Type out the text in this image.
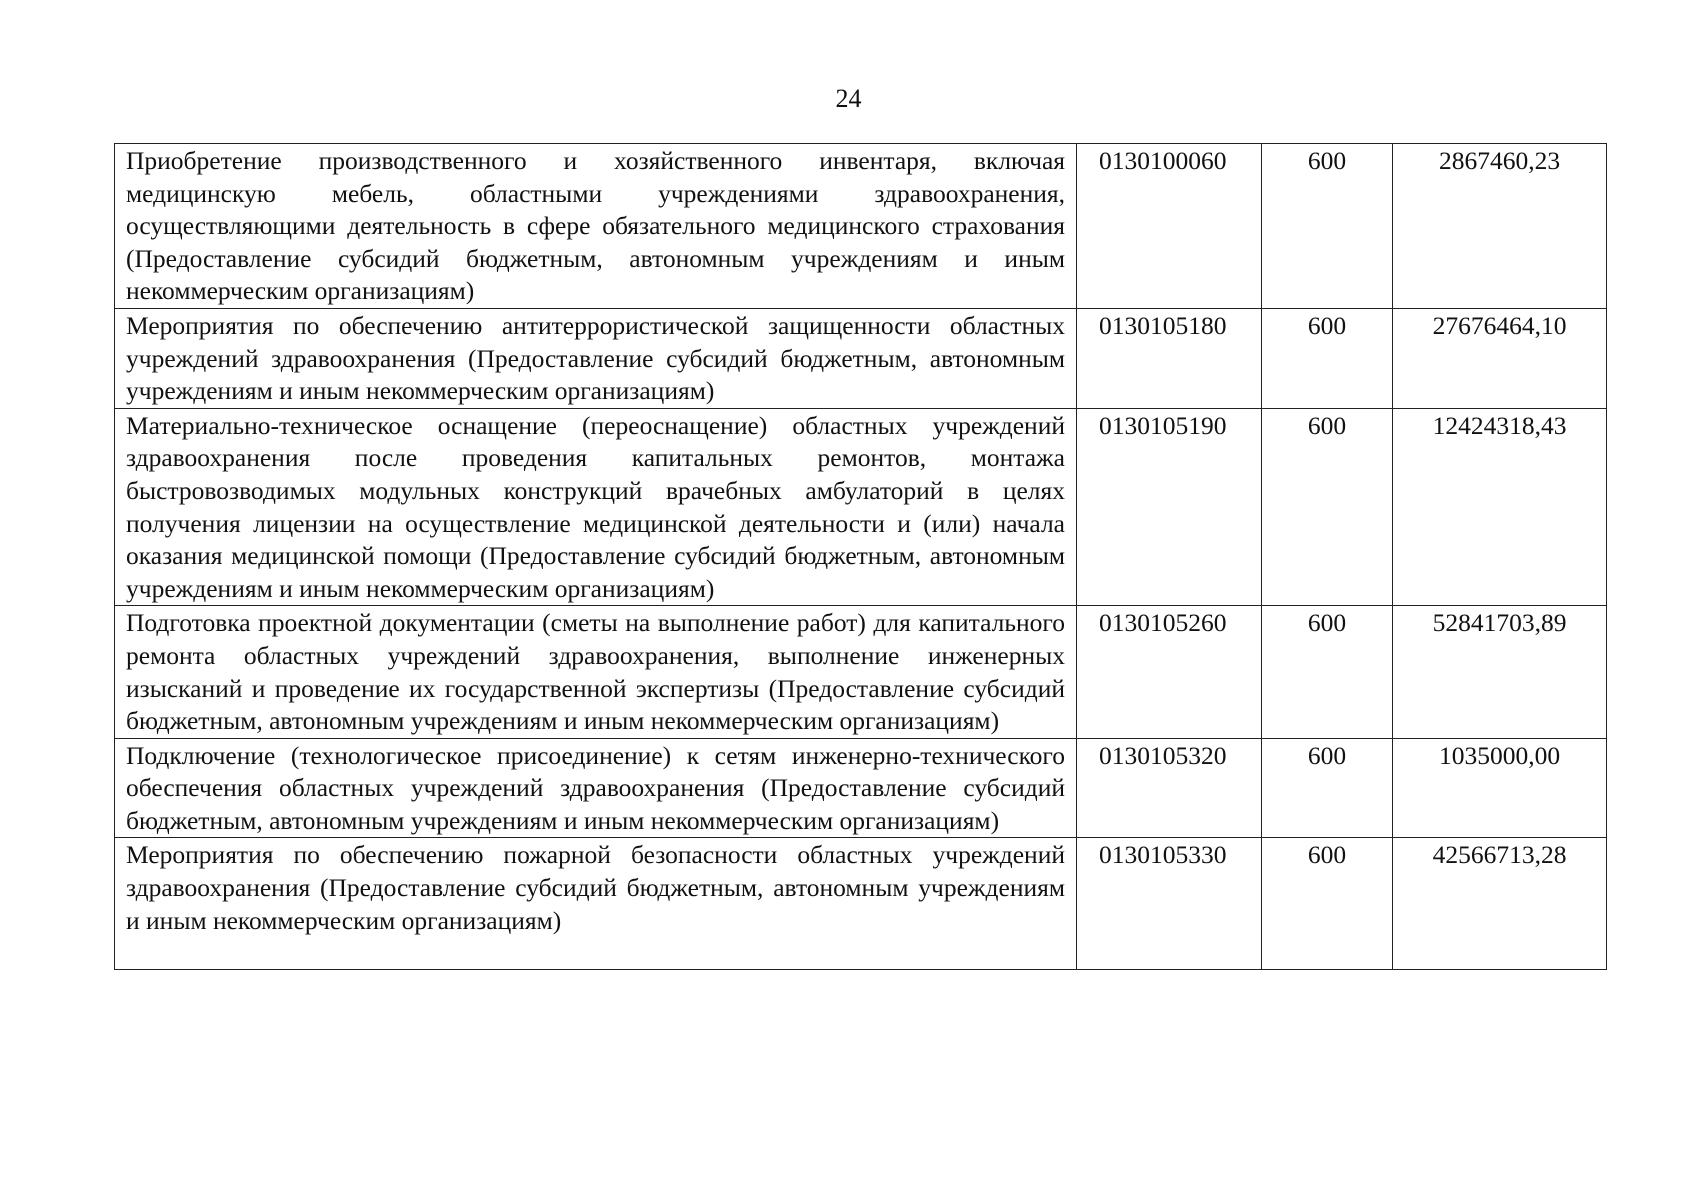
24
Приобретение производственного и хозяйственного инвентаря, включая медицинскую мебель, областными учреждениями здравоохранения, осуществляющими деятельность в сфере обязательного медицинского страхования (Предоставление субсидий бюджетным, автономным учреждениям и иным некоммерческим организациям)	0130100060	600	2867460,23
Мероприятия по обеспечению антитеррористической защищенности областных учреждений здравоохранения (Предоставление субсидий бюджетным, автономным учреждениям и иным некоммерческим организациям)	0130105180	600	27676464,10
Материально-техническое оснащение (переоснащение) областных учреждений здравоохранения после проведения капитальных ремонтов, монтажа быстровозводимых модульных конструкций врачебных амбулаторий в целях получения лицензии на осуществление медицинской деятельности и (или) начала оказания медицинской помощи (Предоставление субсидий бюджетным, автономным учреждениям и иным некоммерческим организациям)	0130105190	600	12424318,43
Подготовка проектной документации (сметы на выполнение работ) для капитального ремонта областных учреждений здравоохранения, выполнение инженерных изысканий и проведение их государственной экспертизы (Предоставление субсидий бюджетным, автономным учреждениям и иным некоммерческим организациям)	0130105260	600	52841703,89
Подключение (технологическое присоединение) к сетям инженерно-технического обеспечения областных учреждений здравоохранения (Предоставление субсидий бюджетным, автономным учреждениям и иным некоммерческим организациям)	0130105320	600	1035000,00
Мероприятия по обеспечению пожарной безопасности областных учреждений здравоохранения (Предоставление субсидий бюджетным, автономным учреждениям и иным некоммерческим организациям)	0130105330	600	42566713,28
